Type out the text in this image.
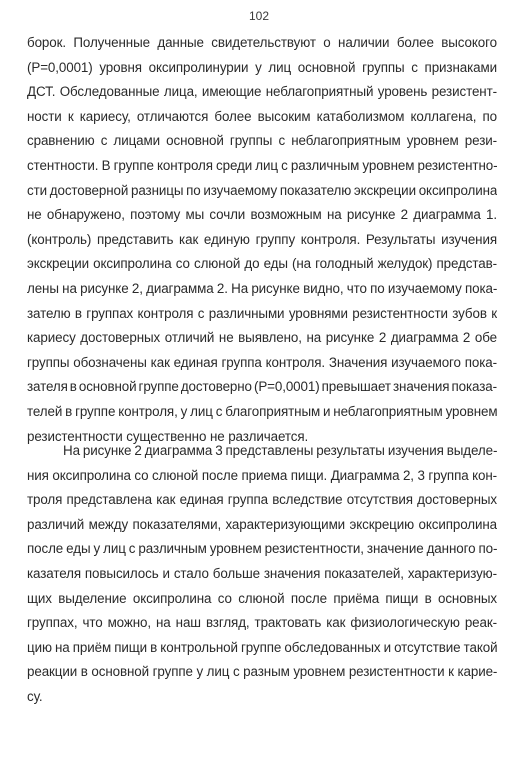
102
борок. Полученные данные свидетельствуют о наличии более высокого
(P=0,0001) уровня оксипролинурии у лиц основной группы с признаками
ДСТ. Обследованные лица, имеющие неблагоприятный уровень резистент-
ности к кариесу, отличаются более высоким катаболизмом коллагена, по
сравнению с лицами основной группы с неблагоприятным уровнем рези-
стентности. В группе контроля среди лиц с различным уровнем резистентно-
сти достоверной разницы по изучаемому показателю экскреции оксипролина
не обнаружено, поэтому мы сочли возможным на рисунке 2 диаграмма 1.
(контроль) представить как единую группу контроля. Результаты изучения
экскреции оксипролина со слюной до еды (на голодный желудок) представ-
лены на рисунке 2, диаграмма 2. На рисунке видно, что по изучаемому пока-
зателю в группах контроля с различными уровнями резистентности зубов к
кариесу достоверных отличий не выявлено, на рисунке 2 диаграмма 2 обе
группы обозначены как единая группа контроля. Значения изучаемого пока-
зателя в основной группе достоверно (P=0,0001) превышает значения показа-
телей в группе контроля, у лиц с благоприятным и неблагоприятным уровнем
резистентности существенно не различается.
На рисунке 2 диаграмма 3 представлены результаты изучения выделе-
ния оксипролина со слюной после приема пищи. Диаграмма 2, 3 группа кон-
троля представлена как единая группа вследствие отсутствия достоверных
различий между показателями, характеризующими экскрецию оксипролина
после еды у лиц с различным уровнем резистентности, значение данного по-
казателя повысилось и стало больше значения показателей, характеризую-
щих выделение оксипролина со слюной после приёма пищи в основных
группах, что можно, на наш взгляд, трактовать как физиологическую реак-
цию на приём пищи в контрольной группе обследованных и отсутствие такой
реакции в основной группе у лиц с разным уровнем резистентности к карие-
су.
